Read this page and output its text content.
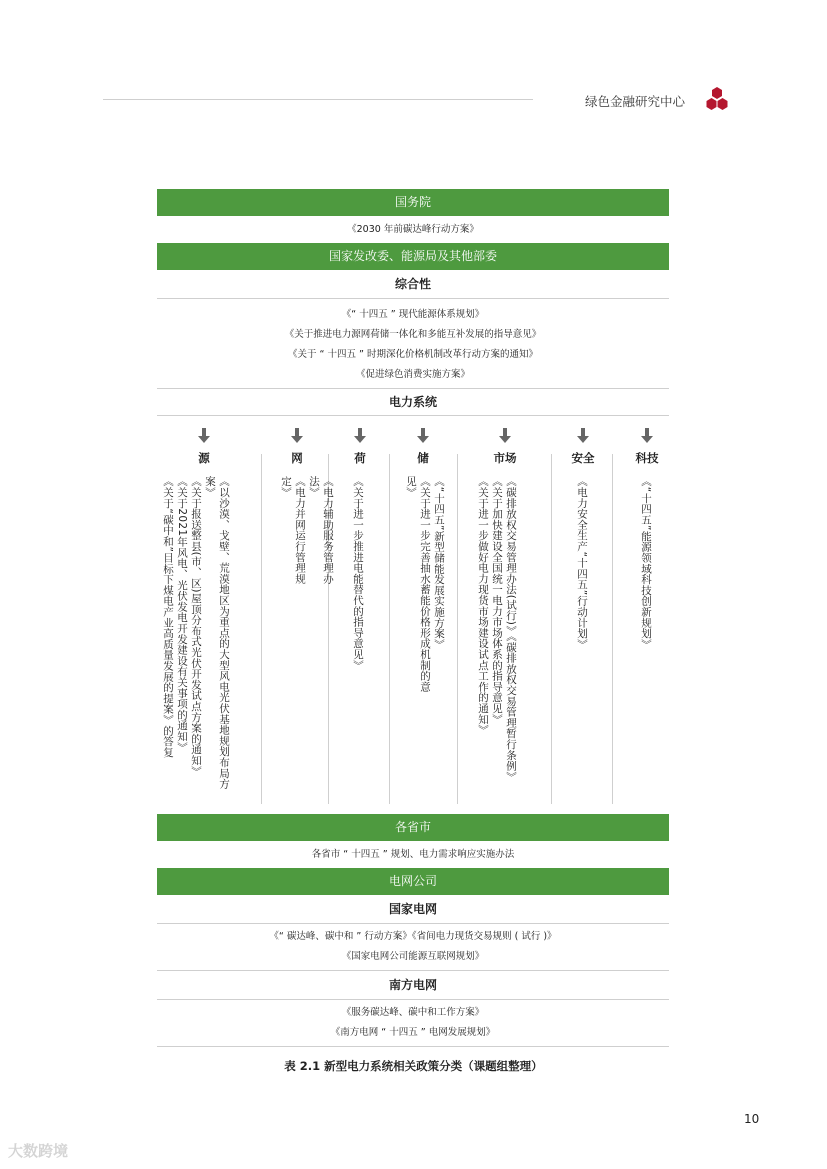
绿色金融研究中心
国务院
《2030 年前碳达峰行动方案》
国家发改委、能源局及其他部委
综合性
《“ 十四五 ” 现代能源体系规划》
《关于推进电力源网荷储一体化和多能互补发展的指导意见》
《关于 “ 十四五 ” 时期深化价格机制改革行动方案的通知》
《促进绿色消费实施方案》
电力系统
源
《以沙漠、戈壁、荒漠地区为重点的大型风电光伏基地规划布局方案》
《关于报送整县(市、区)屋顶分布式光伏开发试点方案的通知》
《关于2021年风电、光伏发电开发建设有关事项的通知》
《关于“碳中和”目标下煤电产业高质量发展的提案》的答复
网
《电力辅助服务管理办法》
《电力并网运行管理规定》
荷
《关于进一步推进电能替代的指导意见》
储
《“十四五”新型储能发展实施方案》
《关于进一步完善抽水蓄能价格形成机制的意见》
市场
《碳排放权交易管理办法(试行)》《碳排放权交易管理暂行条例》
《关于加快建设全国统一电力市场体系的指导意见》
《关于进一步做好电力现货市场建设试点工作的通知》
安全
《电力安全生产“十四五”行动计划》
科技
《“十四五”能源领域科技创新规划》
各省市
各省市 “ 十四五 ” 规划、电力需求响应实施办法
电网公司
国家电网
《“ 碳达峰、碳中和 ” 行动方案》《省间电力现货交易规则 ( 试行 )》
《国家电网公司能源互联网规划》
南方电网
《服务碳达峰、碳中和工作方案》
《南方电网 “ 十四五 ” 电网发展规划》
表 2.1 新型电力系统相关政策分类（课题组整理）
10
大数跨境
